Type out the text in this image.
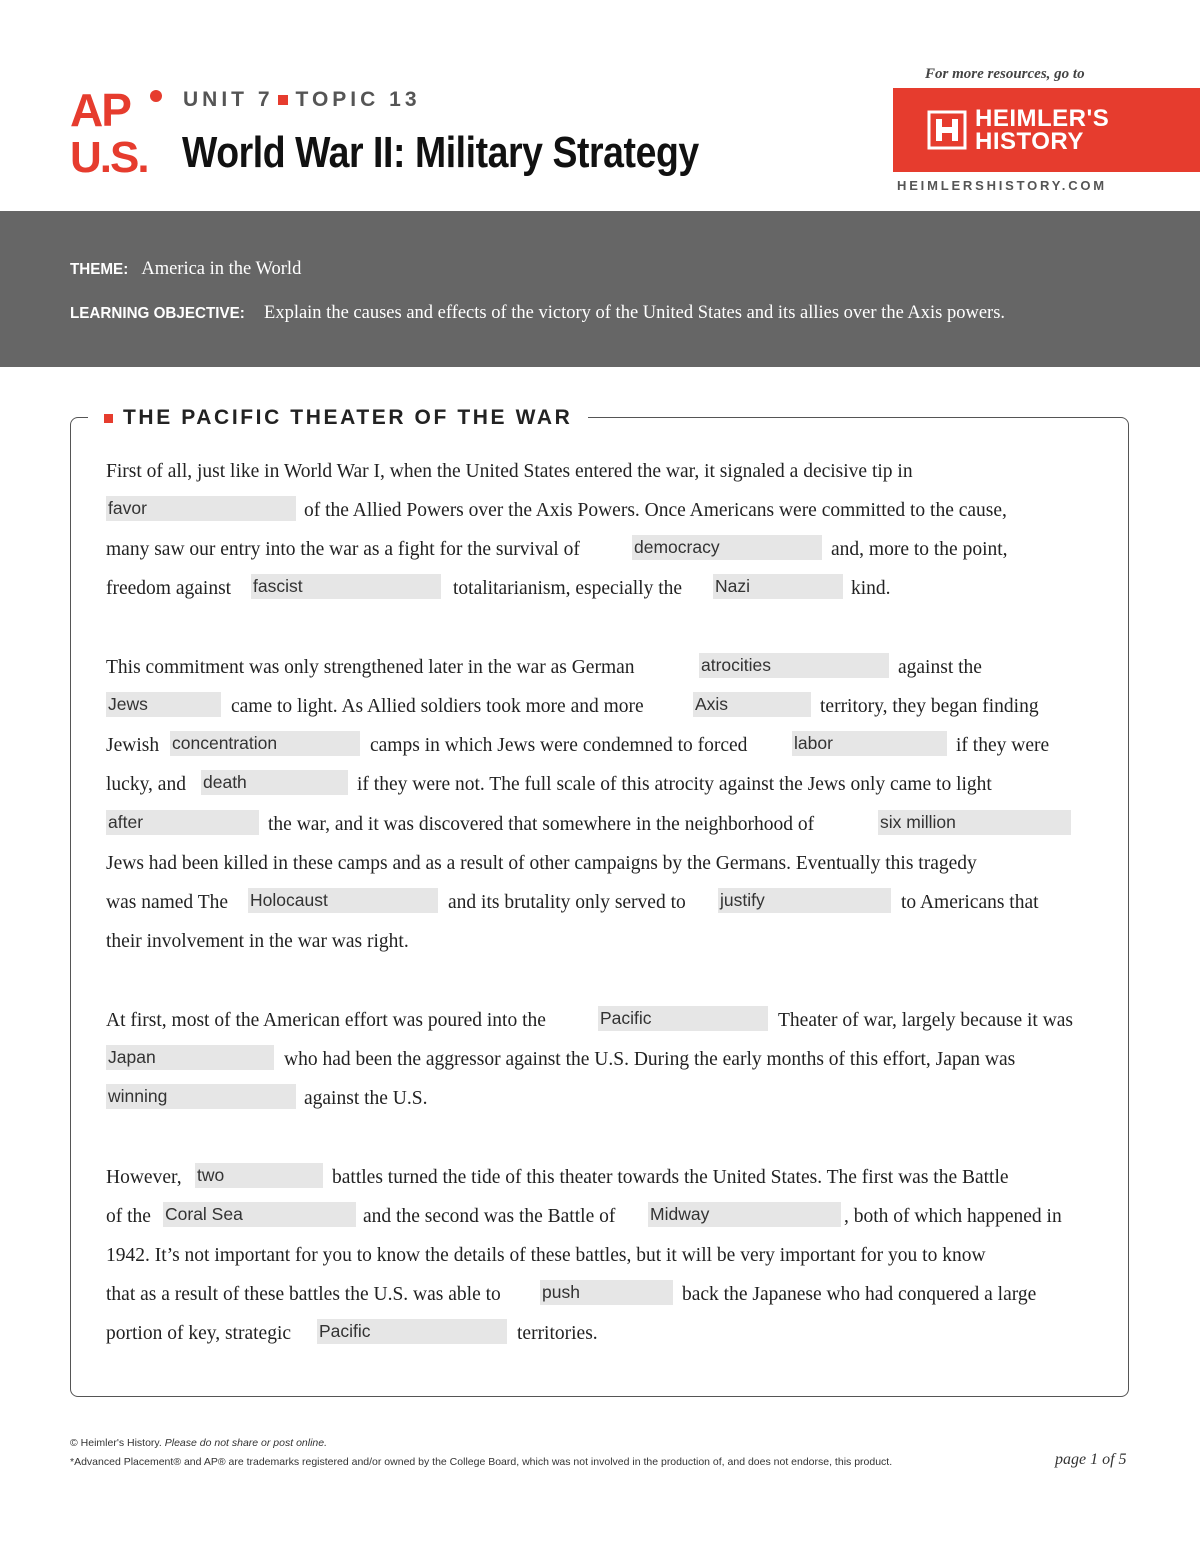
AP
U.S.
UNIT 7 TOPIC 13
World War II: Military Strategy
For more resources, go to
HEIMLER'S
HISTORY
HEIMLERSHISTORY.COM
THEME: America in the World
LEARNING OBJECTIVE: Explain the causes and effects of the victory of the United States and its allies over the Axis powers.
THE PACIFIC THEATER OF THE WAR
First of all, just like in World War I, when the United States entered the war, it signaled a decisive tip in
favor	of the Allied Powers over the Axis Powers. Once Americans were committed to the cause,
many saw our entry into the war as a fight for the survival of	democracy	and, more to the point,
freedom against fascist	totalitarianism, especially the Nazi	kind.
This commitment was only strengthened later in the war as German	atrocities	against the
Jews	came to light. As Allied soldiers took more and more	Axis	territory, they began finding
Jewish concentration	camps in which Jews were condemned to forced	labor	if they were
lucky, and death	if they were not. The full scale of this atrocity against the Jews only came to light
after	the war, and it was discovered that somewhere in the neighborhood of	six million
Jews had been killed in these camps and as a result of other campaigns by the Germans. Eventually this tragedy
was named The Holocaust	and its brutality only served to justify	to Americans that
their involvement in the war was right.
At first, most of the American effort was poured into the	Pacific	Theater of war, largely because it was
Japan	who had been the aggressor against the U.S. During the early months of this effort, Japan was
winning	against the U.S.
However, two	battles turned the tide of this theater towards the United States. The first was the Battle
of the Coral Sea	and the second was the Battle of Midway	, both of which happened in
1942. It’s not important for you to know the details of these battles, but it will be very important for you to know
that as a result of these battles the U.S. was able to push	back the Japanese who had conquered a large
portion of key, strategic Pacific	territories.
© Heimler's History. Please do not share or post online.
*Advanced Placement® and AP® are trademarks registered and/or owned by the College Board, which was not involved in the production of, and does not endorse, this product.	page 1 of 5
